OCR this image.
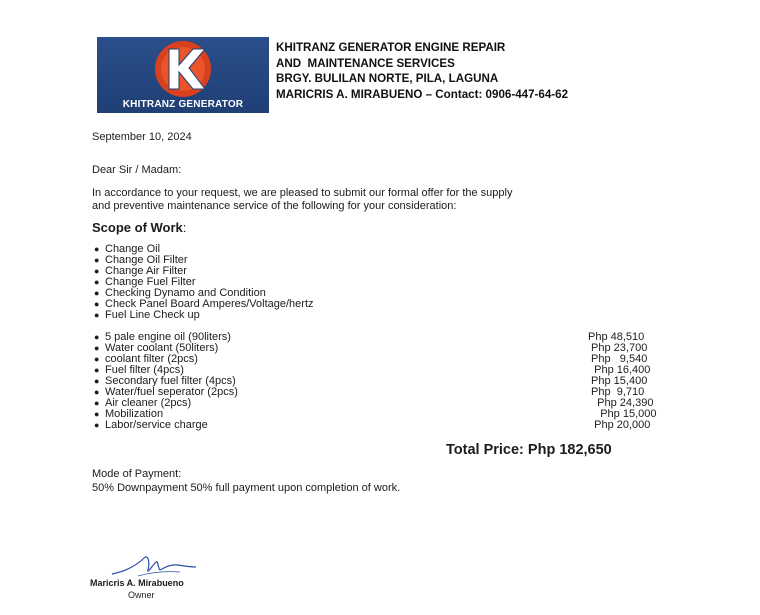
KHITRANZ GENERATOR
KHITRANZ GENERATOR ENGINE REPAIR
AND  MAINTENANCE SERVICES
BRGY. BULILAN NORTE, PILA, LAGUNA
MARICRIS A. MIRABUENO – Contact: 0906-447-64-62
September 10, 2024
Dear Sir / Madam:
In accordance to your request, we are pleased to submit our formal offer for the supply
and preventive maintenance service of the following for your consideration:
Scope of Work:
● Change Oil
● Change Oil Filter
● Change Air Filter
● Change Fuel Filter
● Checking Dynamo and Condition
● Check Panel Board Amperes/Voltage/hertz
● Fuel Line Check up
● 5 pale engine oil (90liters)	Php 48,510
● Water coolant (50liters)	Php 23,700
● coolant filter (2pcs)	Php   9,540
● Fuel filter (4pcs)	Php 16,400
● Secondary fuel filter (4pcs)	Php 15,400
● Water/fuel seperator (2pcs)	Php  9,710
● Air cleaner (2pcs)	Php 24,390
● Mobilization	Php 15,000
● Labor/service charge	Php 20,000
Total Price: Php 182,650
Mode of Payment:
50% Downpayment 50% full payment upon completion of work.
Maricris A. Mirabueno
Owner
